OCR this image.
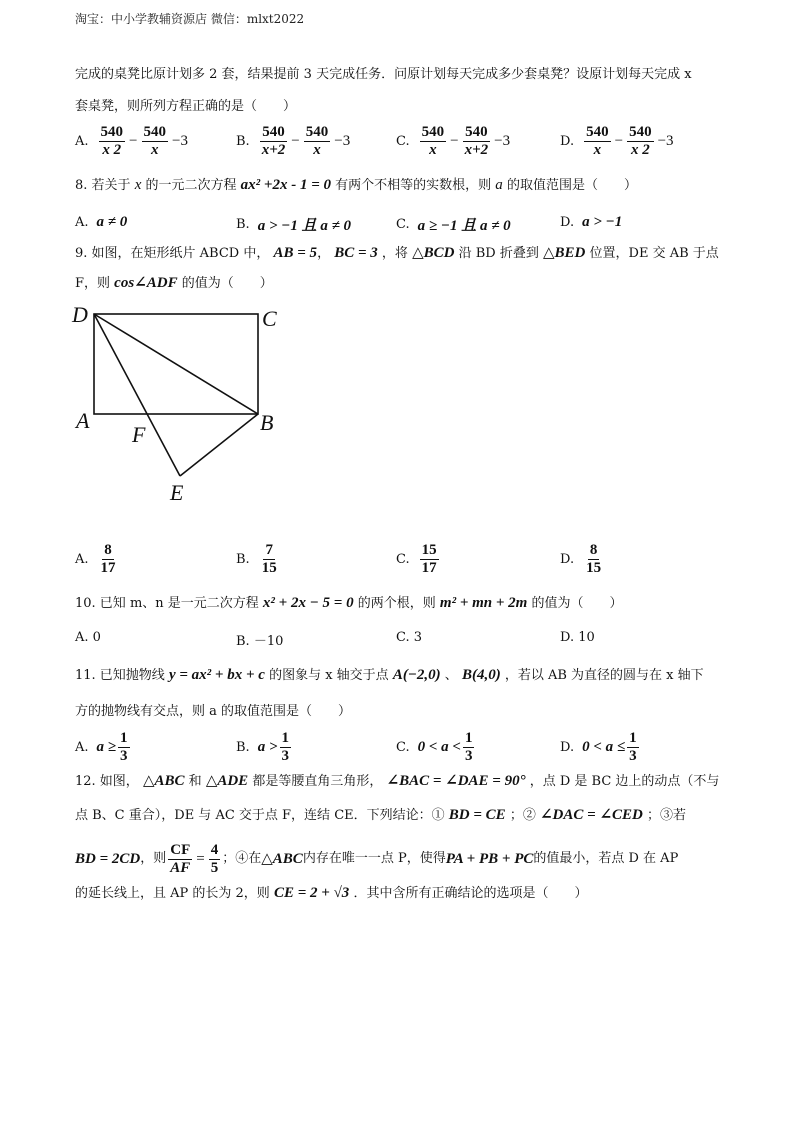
淘宝：中小学教辅资源店 微信：mlxt2022
完成的桌凳比原计划多 2 套，结果提前 3 天完成任务．问原计划每天完成多少套桌凳？设原计划每天完成 x
套桌凳，则所列方程正确的是（　　）
A. $\frac{540}{x 2} - \frac{540}{x} -3$	B. $\frac{540}{x+2} - \frac{540}{x} -3$	C. $\frac{540}{x} - \frac{540}{x+2} -3$	D. $\frac{540}{x} - \frac{540}{x 2} -3$
8. 若关于 x 的一元二次方程 ax² +2x - 1 = 0 有两个不相等的实数根，则 a 的取值范围是（　　）
A. a ≠ 0	B. a > −1 且 a ≠ 0	C. a ≥ −1 且 a ≠ 0	D. a > −1
9. 如图，在矩形纸片 ABCD 中， AB = 5， BC = 3 ，将 △BCD 沿 BD 折叠到 △BED 位置，DE 交 AB 于点
F，则 cos∠ADF 的值为（　　）
D	C
A	B
F
E
A. $\frac{8}{17}$	B. $\frac{7}{15}$	C. $\frac{15}{17}$	D. $\frac{8}{15}$
10. 已知 m、n 是一元二次方程 x² + 2x − 5 = 0 的两个根，则 m² + mn + 2m 的值为（　　）
A. 0	B. －10	C. 3	D. 10
11. 已知抛物线 y = ax² + bx + c 的图象与 x 轴交于点 A(−2,0) 、 B(4,0) ，若以 AB 为直径的圆与在 x 轴下
方的抛物线有交点，则 a 的取值范围是（　　）
A. $a \ge \frac{1}{3}$	B. $a > \frac{1}{3}$	C. $0 < a < \frac{1}{3}$	D. $0 < a \le \frac{1}{3}$
12. 如图， △ABC 和 △ADE 都是等腰直角三角形， ∠BAC = ∠DAE = 90° ，点 D 是 BC 边上的动点（不与
点 B、C 重合），DE 与 AC 交于点 F，连结 CE．下列结论：① BD = CE ；② ∠DAC = ∠CED ；③若
BD = 2CD ，则 $\frac{CF}{AF} = \frac{4}{5}$ ；④在 △ABC 内存在唯一一点 P，使得 PA + PB + PC 的值最小，若点 D 在 AP
的延长线上，且 AP 的长为 2，则 CE = 2 + √3 ．其中含所有正确结论的选项是（　　）
